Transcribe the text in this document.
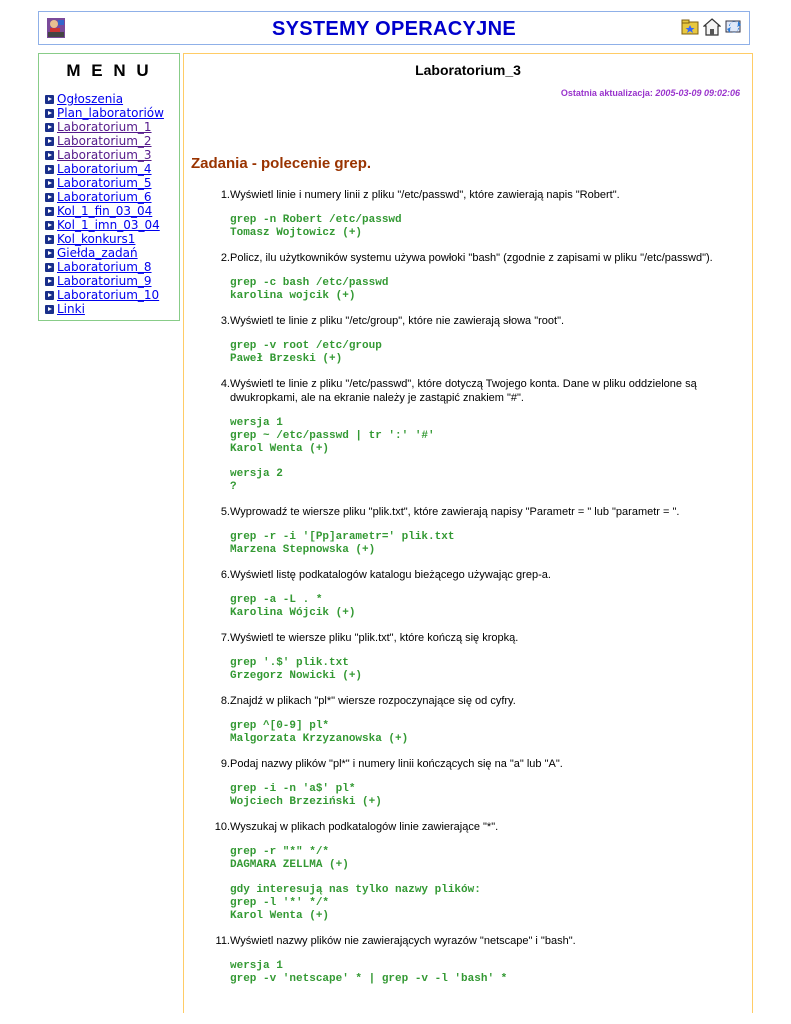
SYSTEMY OPERACYJNE
M E N U
Ogłoszenia
Plan_laboratoriów
Laboratorium_1
Laboratorium_2
Laboratorium_3
Laboratorium_4
Laboratorium_5
Laboratorium_6
Kol_1_fin_03_04
Kol_1_imn_03_04
Kol_konkurs1
Giełda_zadań
Laboratorium_8
Laboratorium_9
Laboratorium_10
Linki
Laboratorium_3
Ostatnia aktualizacja: 2005-03-09 09:02:06
Zadania - polecenie grep.
1. Wyświetl linie i numery linii z pliku "/etc/passwd", które zawierają napis "Robert".
grep -n Robert /etc/passwd
Tomasz Wojtowicz (+)
2. Policz, ilu użytkowników systemu używa powłoki "bash" (zgodnie z zapisami w pliku "/etc/passwd").
grep -c bash /etc/passwd
karolina wojcik (+)
3. Wyświetl te linie z pliku "/etc/group", które nie zawierają słowa "root".
grep -v root /etc/group
Paweł Brzeski (+)
4. Wyświetl te linie z pliku "/etc/passwd", które dotyczą Twojego konta. Dane w pliku oddzielone są dwukropkami, ale na ekranie należy je zastąpić znakiem "#".
wersja 1
grep ~ /etc/passwd | tr ':' '#'
Karol Wenta (+)
wersja 2
?
5. Wyprowadź te wiersze pliku "plik.txt", które zawierają napisy "Parametr = " lub "parametr = ".
grep -r -i '[Pp]arametr=' plik.txt
Marzena Stepnowska (+)
6. Wyświetl listę podkatalogów katalogu bieżącego używając grep-a.
grep -a -L . *
Karolina Wójcik (+)
7. Wyświetl te wiersze pliku "plik.txt", które kończą się kropką.
grep '.$' plik.txt
Grzegorz Nowicki (+)
8. Znajdź w plikach "pl*" wiersze rozpoczynające się od cyfry.
grep ^[0-9] pl*
Malgorzata Krzyzanowska (+)
9. Podaj nazwy plików "pl*" i numery linii kończących się na "a" lub "A".
grep -i -n 'a$' pl*
Wojciech Brzeziński (+)
10. Wyszukaj w plikach podkatalogów linie zawierające "*".
grep -r "*" */*
DAGMARA ZELLMA (+)
gdy interesują nas tylko nazwy plików:
grep -l '*' */*
Karol Wenta (+)
11. Wyświetl nazwy plików nie zawierających wyrazów "netscape" i "bash".
wersja 1
grep -v 'netscape' * | grep -v -l 'bash' *
